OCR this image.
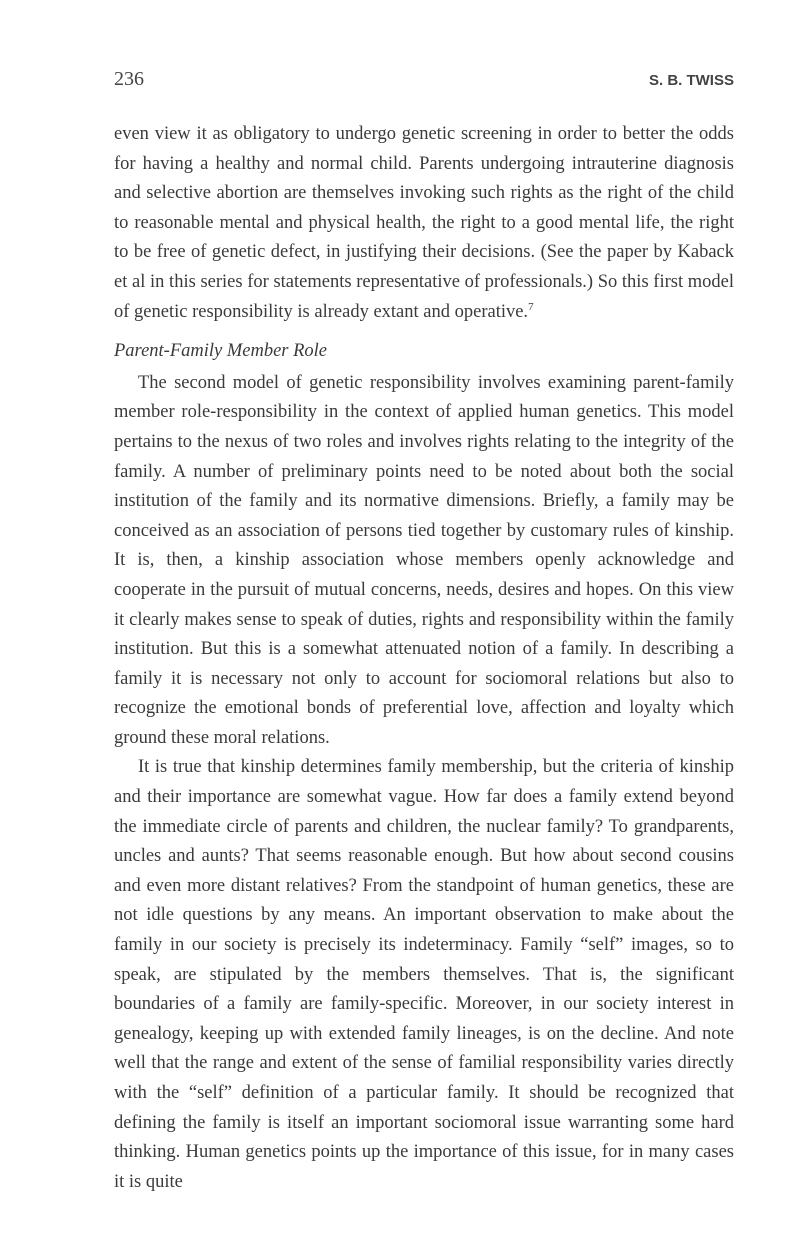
236	S. B. TWISS

even view it as obligatory to undergo genetic screening in order to better the odds for having a healthy and normal child. Parents undergoing intrauterine diagnosis and selective abortion are themselves invoking such rights as the right of the child to reasonable mental and physical health, the right to a good mental life, the right to be free of genetic defect, in justifying their decisions. (See the paper by Kaback et al in this series for statements representative of professionals.) So this first model of genetic responsibility is already extant and operative.$^7$

Parent-Family Member Role

The second model of genetic responsibility involves examining parent-family member role-responsibility in the context of applied human genetics. This model pertains to the nexus of two roles and involves rights relating to the integrity of the family. A number of preliminary points need to be noted about both the social institution of the family and its normative dimensions. Briefly, a family may be conceived as an association of persons tied together by customary rules of kinship. It is, then, a kinship association whose members openly acknowledge and cooperate in the pursuit of mutual concerns, needs, desires and hopes. On this view it clearly makes sense to speak of duties, rights and responsibility within the family institution. But this is a somewhat attenuated notion of a family. In describing a family it is necessary not only to account for sociomoral relations but also to recognize the emotional bonds of preferential love, affection and loyalty which ground these moral relations.

It is true that kinship determines family membership, but the criteria of kinship and their importance are somewhat vague. How far does a family extend beyond the immediate circle of parents and children, the nuclear family? To grandparents, uncles and aunts? That seems reasonable enough. But how about second cousins and even more distant relatives? From the standpoint of human genetics, these are not idle questions by any means. An important observation to make about the family in our society is precisely its indeterminacy. Family “self” images, so to speak, are stipulated by the members themselves. That is, the significant boundaries of a family are family-specific. Moreover, in our society interest in genealogy, keeping up with extended family lineages, is on the decline. And note well that the range and extent of the sense of familial responsibility varies directly with the “self” definition of a particular family. It should be recognized that defining the family is itself an important sociomoral issue warranting some hard thinking. Human genetics points up the importance of this issue, for in many cases it is quite
